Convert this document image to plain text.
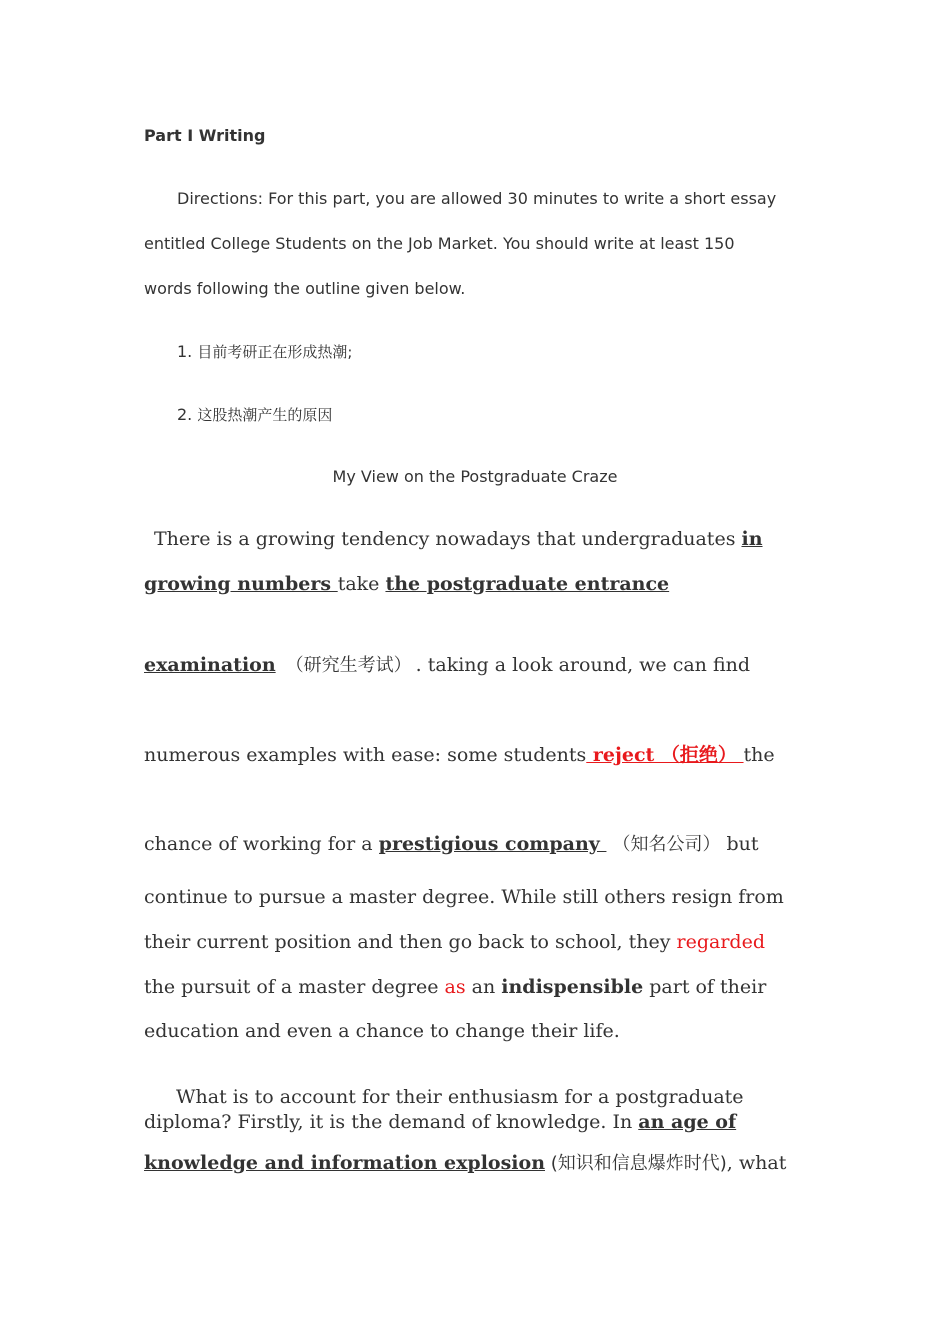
Part I Writing
Directions: For this part, you are allowed 30 minutes to write a short essay
entitled College Students on the Job Market. You should write at least 150
words following the outline given below.
1. 目前考研正在形成热潮;
2. 这股热潮产生的原因
My View on the Postgraduate Craze
There is a growing tendency nowadays that undergraduates in
growing numbers take the postgraduate entrance
examination （研究生考试） . taking a look around, we can find
numerous examples with ease: some students reject （拒绝） the
chance of working for a prestigious company （知名公司） but
continue to pursue a master degree. While still others resign from
their current position and then go back to school, they regarded
the pursuit of a master degree as an indispensible part of their
education and even a chance to change their life.
What is to account for their enthusiasm for a postgraduate
diploma? Firstly, it is the demand of knowledge. In an age of
knowledge and information explosion (知识和信息爆炸时代), what
